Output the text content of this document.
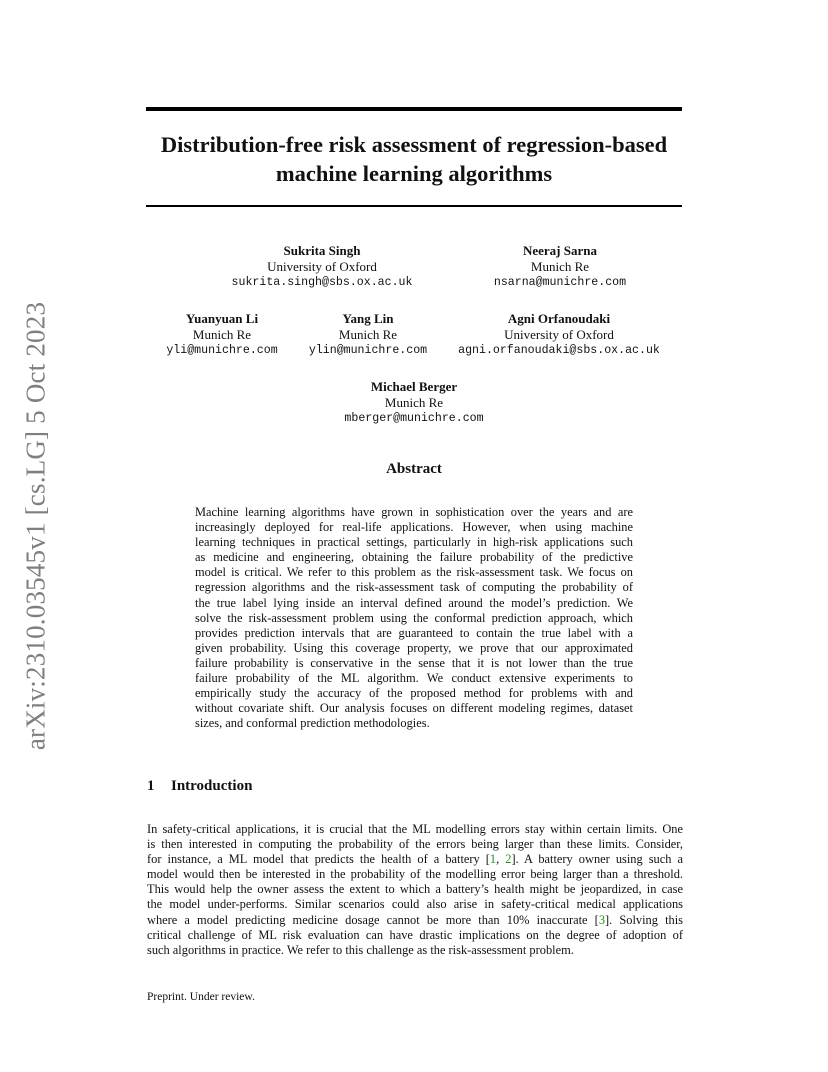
arXiv:2310.03545v1 [cs.LG] 5 Oct 2023
Distribution-free risk assessment of regression-based
machine learning algorithms
Sukrita Singh
University of Oxford
sukrita.singh@sbs.ox.ac.uk
Neeraj Sarna
Munich Re
nsarna@munichre.com
Yuanyuan Li
Munich Re
yli@munichre.com
Yang Lin
Munich Re
ylin@munichre.com
Agni Orfanoudaki
University of Oxford
agni.orfanoudaki@sbs.ox.ac.uk
Michael Berger
Munich Re
mberger@munichre.com
Abstract
Machine learning algorithms have grown in sophistication over the years and are
increasingly deployed for real-life applications. However, when using machine
learning techniques in practical settings, particularly in high-risk applications such
as medicine and engineering, obtaining the failure probability of the predictive
model is critical. We refer to this problem as the risk-assessment task. We focus on
regression algorithms and the risk-assessment task of computing the probability of
the true label lying inside an interval defined around the model’s prediction. We
solve the risk-assessment problem using the conformal prediction approach, which
provides prediction intervals that are guaranteed to contain the true label with a
given probability. Using this coverage property, we prove that our approximated
failure probability is conservative in the sense that it is not lower than the true
failure probability of the ML algorithm. We conduct extensive experiments to
empirically study the accuracy of the proposed method for problems with and
without covariate shift. Our analysis focuses on different modeling regimes, dataset
sizes, and conformal prediction methodologies.
1 Introduction
In safety-critical applications, it is crucial that the ML modelling errors stay within certain limits. One
is then interested in computing the probability of the errors being larger than these limits. Consider,
for instance, a ML model that predicts the health of a battery [1, 2]. A battery owner using such a
model would then be interested in the probability of the modelling error being larger than a threshold.
This would help the owner assess the extent to which a battery’s health might be jeopardized, in case
the model under-performs. Similar scenarios could also arise in safety-critical medical applications
where a model predicting medicine dosage cannot be more than 10% inaccurate [3]. Solving this
critical challenge of ML risk evaluation can have drastic implications on the degree of adoption of
such algorithms in practice. We refer to this challenge as the risk-assessment problem.

Preprint. Under review.
